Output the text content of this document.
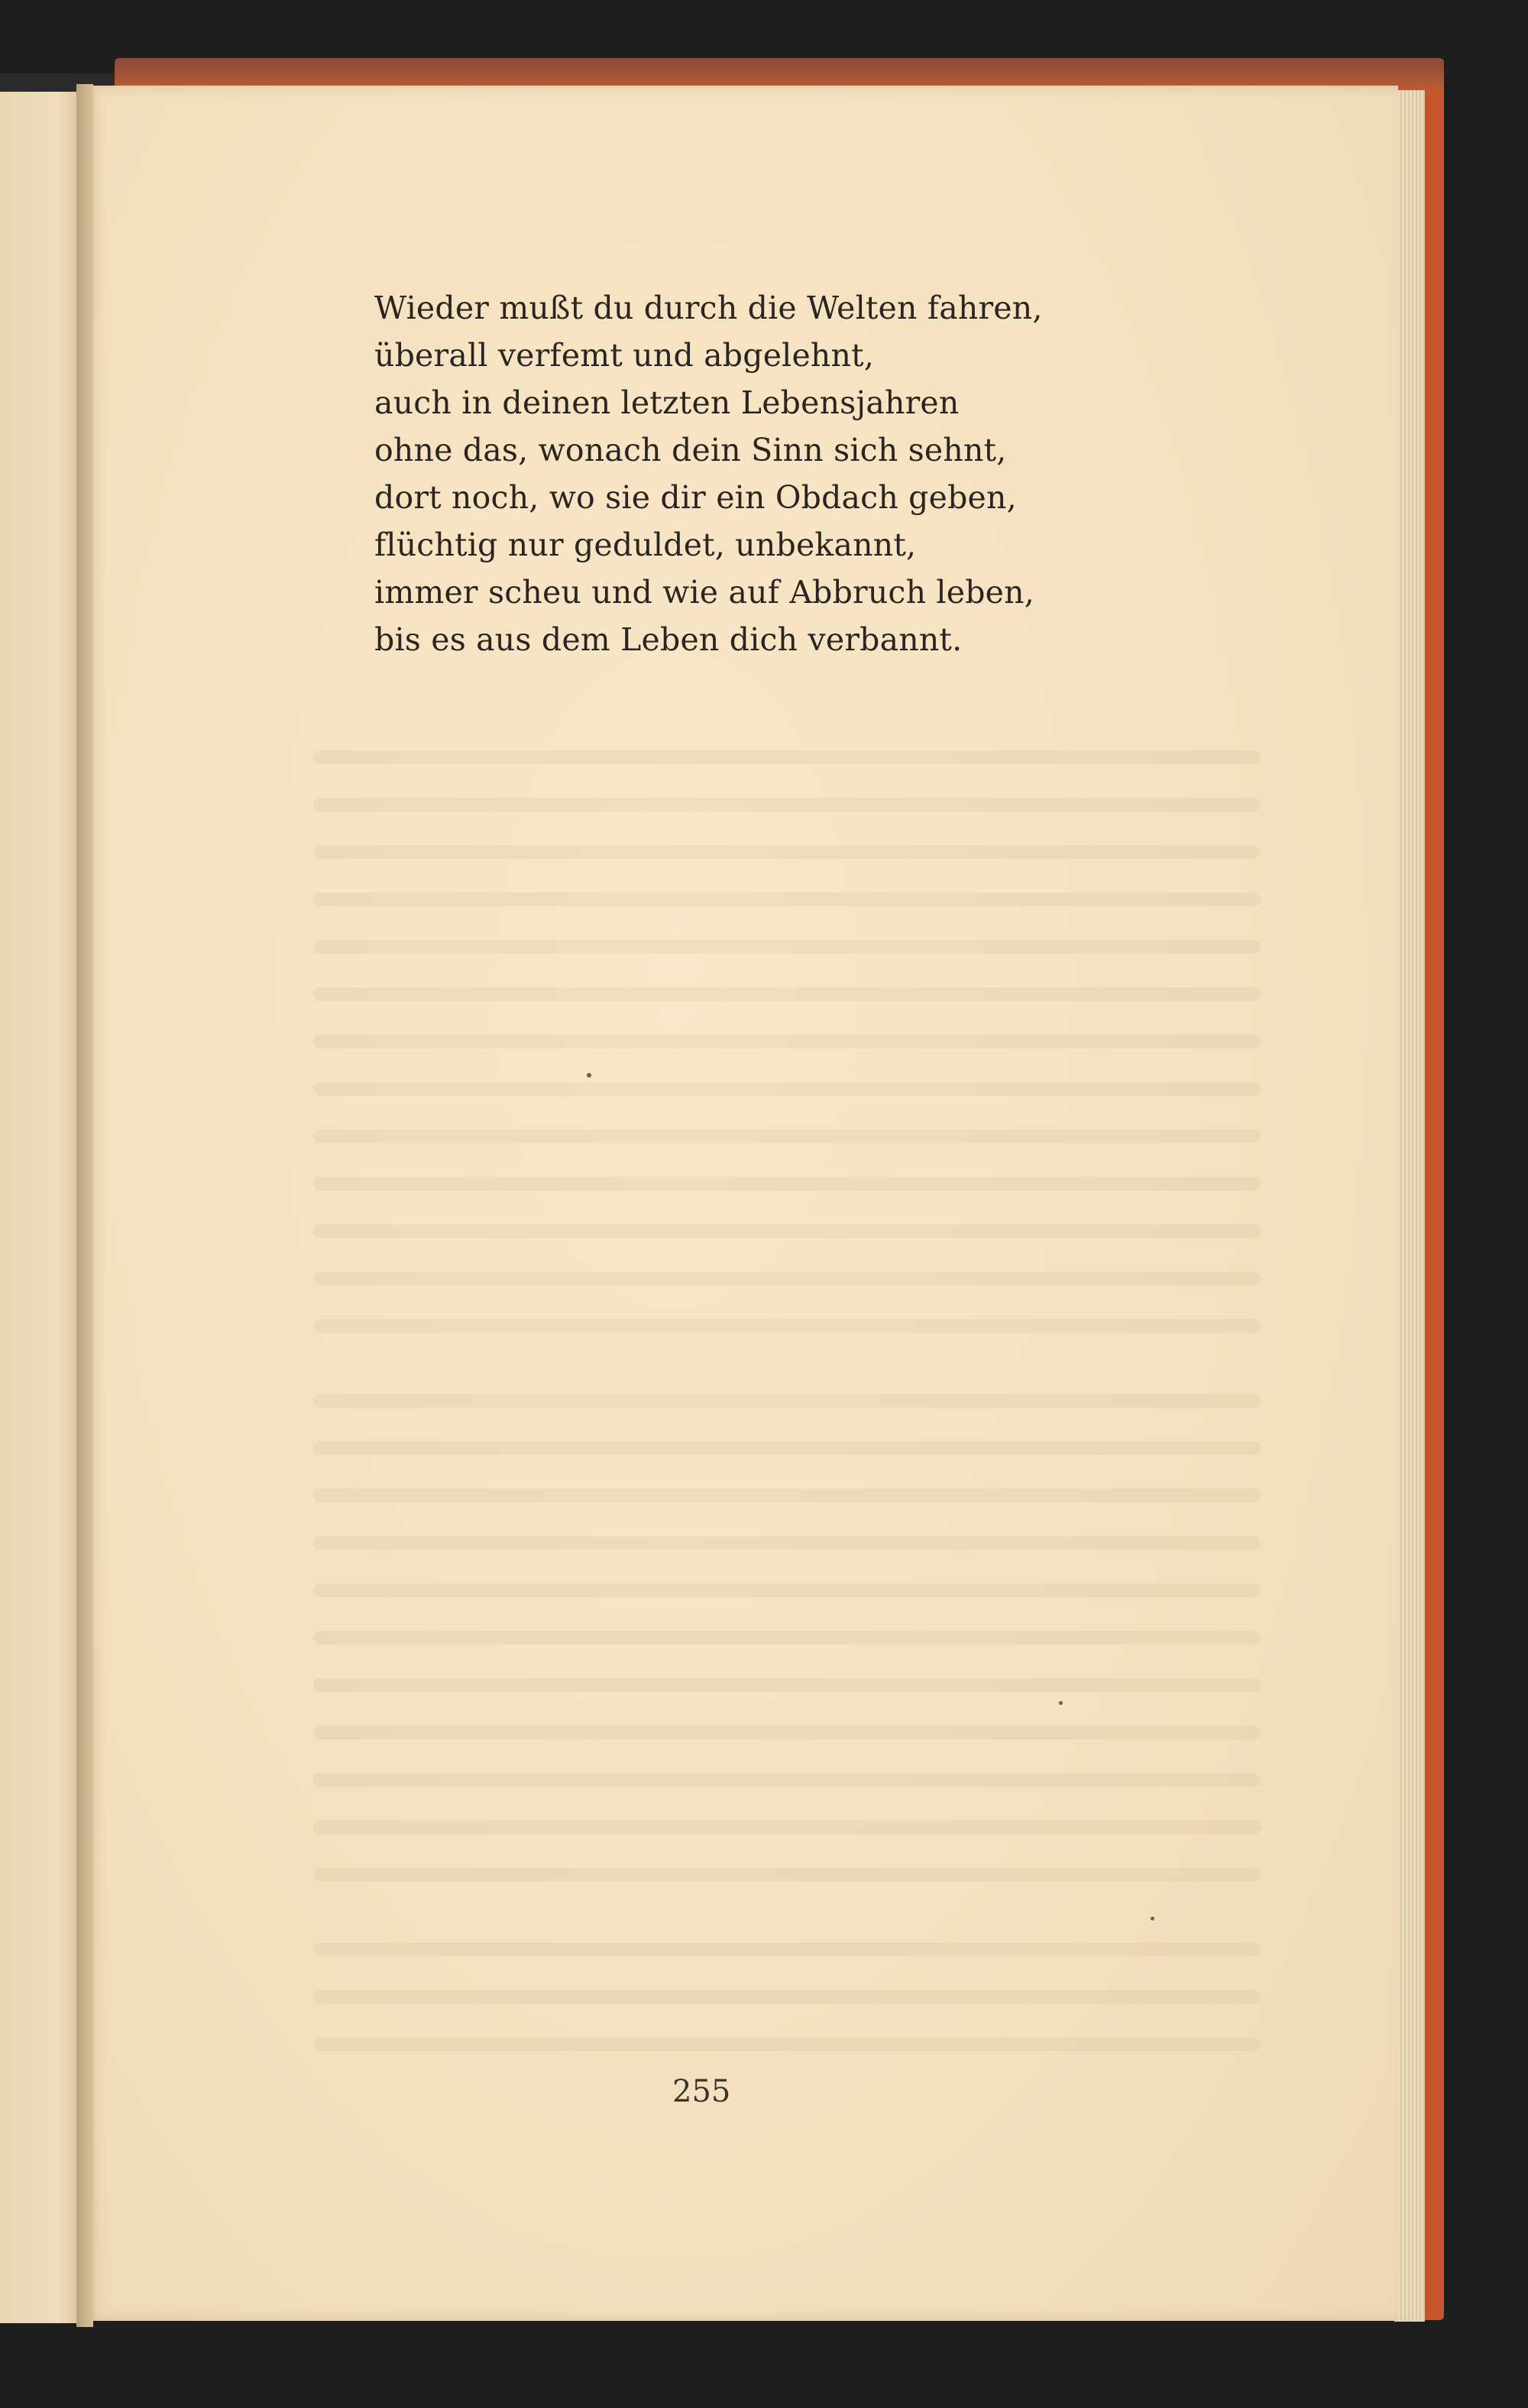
Wieder mußt du durch die Welten fahren,
überall verfemt und abgelehnt,
auch in deinen letzten Lebensjahren
ohne das, wonach dein Sinn sich sehnt,
dort noch, wo sie dir ein Obdach geben,
flüchtig nur geduldet, unbekannt,
immer scheu und wie auf Abbruch leben,
bis es aus dem Leben dich verbannt.
255
